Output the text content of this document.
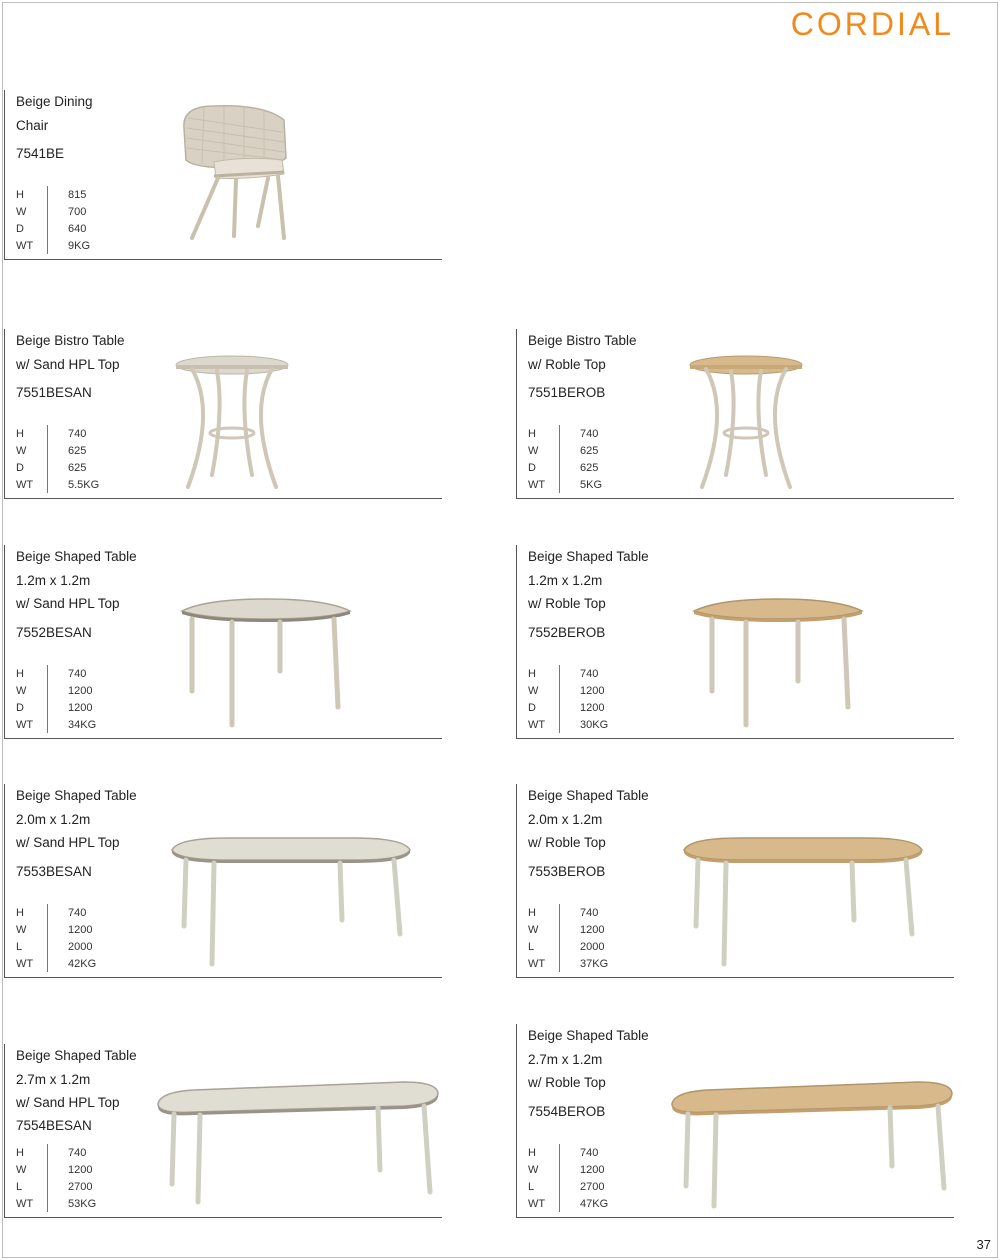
CORDIAL
Beige Dining
Chair
7541BE
H	815
W	700
D	640
WT	9KG
Beige Bistro Table
w/ Sand HPL Top
7551BESAN
H	740
W	625
D	625
WT	5.5KG
Beige Bistro Table
w/ Roble Top
7551BEROB
H	740
W	625
D	625
WT	5KG
Beige Shaped Table
1.2m x 1.2m
w/ Sand HPL Top
7552BESAN
H	740
W	1200
D	1200
WT	34KG
Beige Shaped Table
1.2m x 1.2m
w/ Roble Top
7552BEROB
H	740
W	1200
D	1200
WT	30KG
Beige Shaped Table
2.0m x 1.2m
w/ Sand HPL Top
7553BESAN
H	740
W	1200
L	2000
WT	42KG
Beige Shaped Table
2.0m x 1.2m
w/ Roble Top
7553BEROB
H	740
W	1200
L	2000
WT	37KG
Beige Shaped Table
2.7m x 1.2m
w/ Sand HPL Top
7554BESAN
H	740
W	1200
L	2700
WT	53KG
Beige Shaped Table
2.7m x 1.2m
w/ Roble Top
7554BEROB
H	740
W	1200
L	2700
WT	47KG
37
